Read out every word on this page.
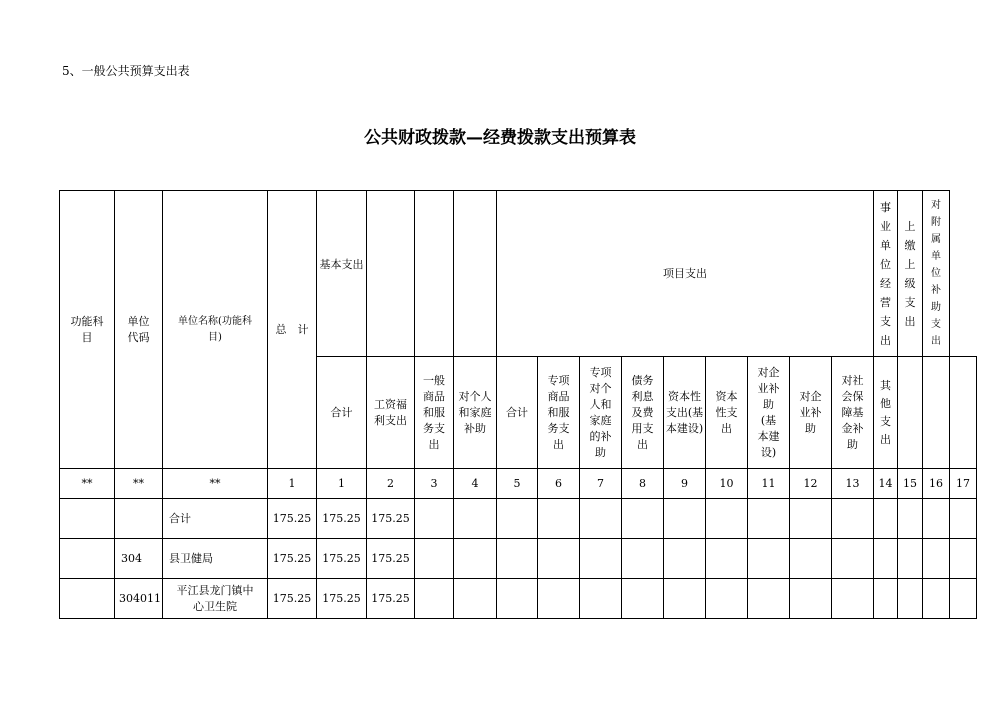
5、一般公共预算支出表
公共财政拨款—经费拨款支出预算表
功能科目	单位代码	单位名称(功能科目)	总　计	基本支出				项目支出									事业单位经营支出	上缴上级支出	对附属单位补助支出	
				合计	工资福利支出	一般商品和服务支出	对个人和家庭补助	合计	专项商品和服务支出	专项对个人和家庭的补助	债务利息及费用支出	资本性支出(基本建设)	资本性支出	对企业补助(基本建设)	对企业补助	对社会保障基金补助	其他支出			
**	**	**	1	1	2	3	4	5	6	7	8	9	10	11	12	13	14	15	16	17
		合计	175.25	175.25	175.25															
	304	县卫健局	175.25	175.25	175.25															
	304011	平江县龙门镇中心卫生院	175.25	175.25	175.25															
